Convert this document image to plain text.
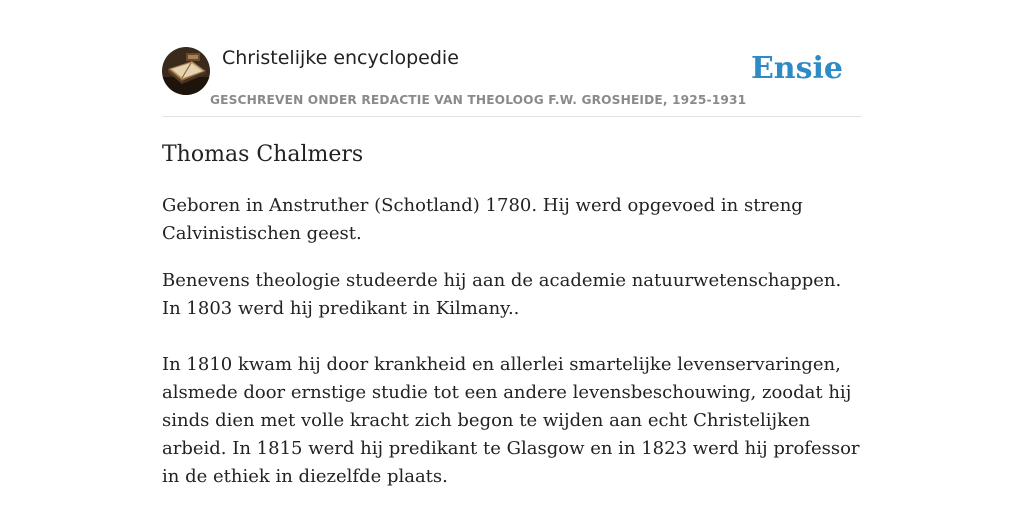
Christelijke encyclopedie
GESCHREVEN ONDER REDACTIE VAN THEOLOOG F.W. GROSHEIDE, 1925-1931
Ensie
Thomas Chalmers

Geboren in Anstruther (Schotland) 1780. Hij werd opgevoed in streng Calvinistischen geest.

Benevens theologie studeerde hij aan de academie natuurwetenschappen. In 1803 werd hij predikant in Kilmany..

In 1810 kwam hij door krankheid en allerlei smartelijke levenservaringen, alsmede door ernstige studie tot een andere levensbeschouwing, zoodat hij sinds dien met volle kracht zich begon te wijden aan echt Christelijken arbeid. In 1815 werd hij predikant te Glasgow en in 1823 werd hij professor in de ethiek in diezelfde plaats.
